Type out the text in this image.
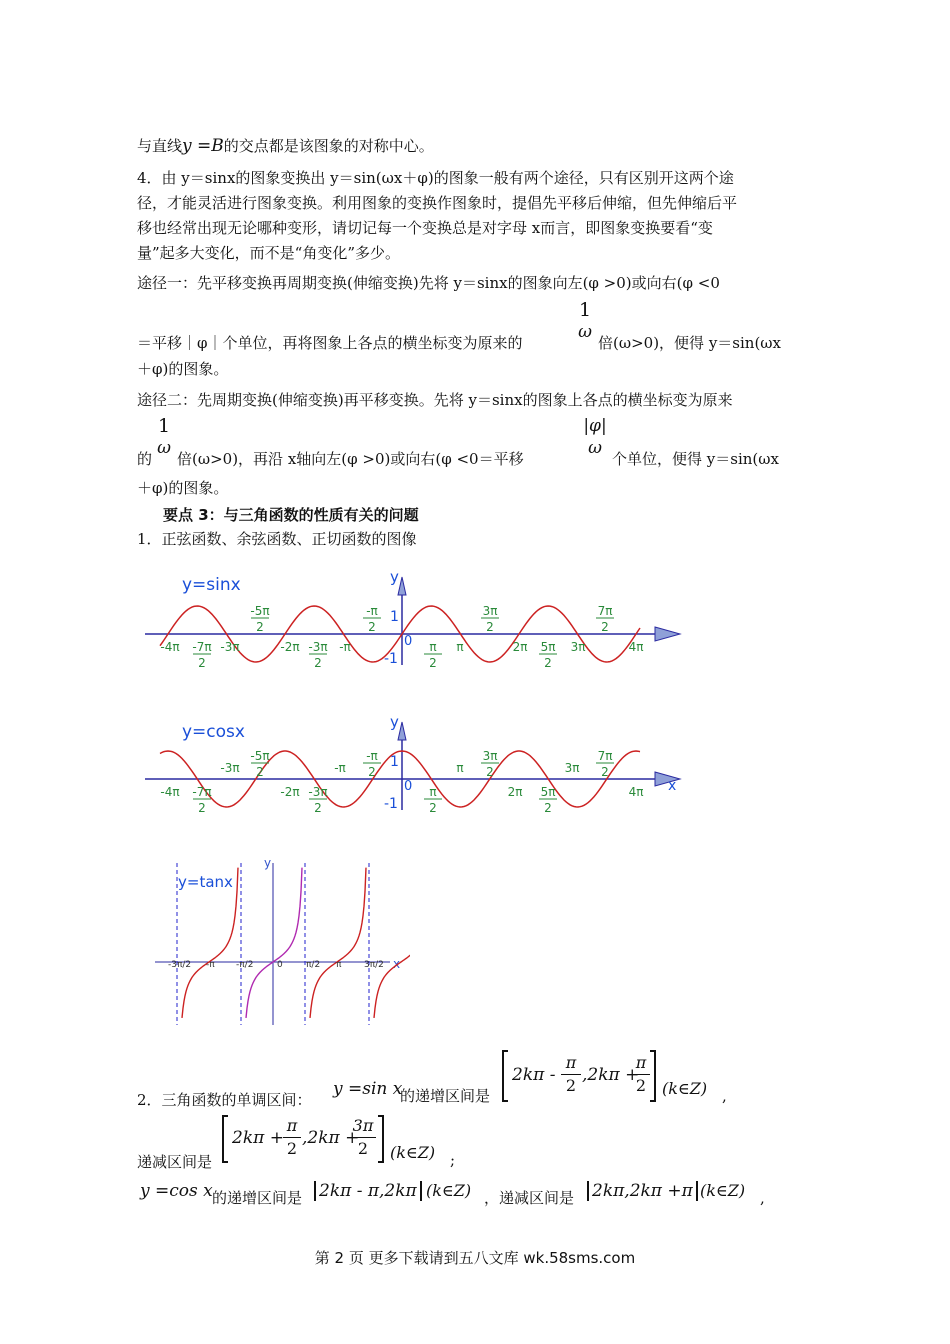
与直线y =B的交点都是该图象的对称中心。
4．由 y＝sinx的图象变换出 y＝sin(ωx＋φ)的图象一般有两个途径，只有区别开这两个途
径，才能灵活进行图象变换。利用图象的变换作图象时，提倡先平移后伸缩，但先伸缩后平
移也经常出现无论哪种变形，请切记每一个变换总是对字母 x而言，即图象变换要看“变
量”起多大变化，而不是“角变化”多少。
途径一：先平移变换再周期变换(伸缩变换)先将 y＝sinx的图象向左(φ >0)或向右(φ <0
＝平移｜φ｜个单位，再将图象上各点的横坐标变为原来的
1
ω
倍(ω>0)，便得 y＝sin(ωx
＋φ)的图象。
途径二：先周期变换(伸缩变换)再平移变换。先将 y＝sinx的图象上各点的横坐标变为原来
的
1
ω
倍(ω>0)，再沿 x轴向左(φ >0)或向右(φ <0＝平移
|φ|
ω
个单位，便得 y＝sin(ωx
＋φ)的图象。
要点 3：与三角函数的性质有关的问题
1．正弦函数、余弦函数、正切函数的图像
y=sinx	y
1
-1
0
-5π
2
-π
2
3π
2
7π
2
-4π -7π
2
-3π	-2π -3π
2
-π	π
2
π	2π 5π
2
3π	4π
x
y=cosx	y
1
-1
0
-3π
-5π
2	-π
-π
2	π
3π
2	3π
7π
2
-4π -7π
2
-2π -3π
2
π
2
2π 5π
2
4π
x
y
y=tanx
-3π/2 -π -π/2	0	π/2 π	3π/2
2．三角函数的单调区间：
y =sin x
的递增区间是
$2k\pi - \frac{\pi}{2} ,2k\pi$ +
$\frac{\pi}{2}$ (k∈Z) ,
递减区间是
$2k\pi + \frac{\pi}{2} ,2k\pi$ +
$\frac{3\pi}{2}$ (k∈Z) ;
y =cos x 的递增区间是 2kπ - π,2kπ (k∈Z) ，递减区间是 2kπ,2kπ +π (k∈Z) ,
第 2 页 更多下载请到五八文库 wk.58sms.com
